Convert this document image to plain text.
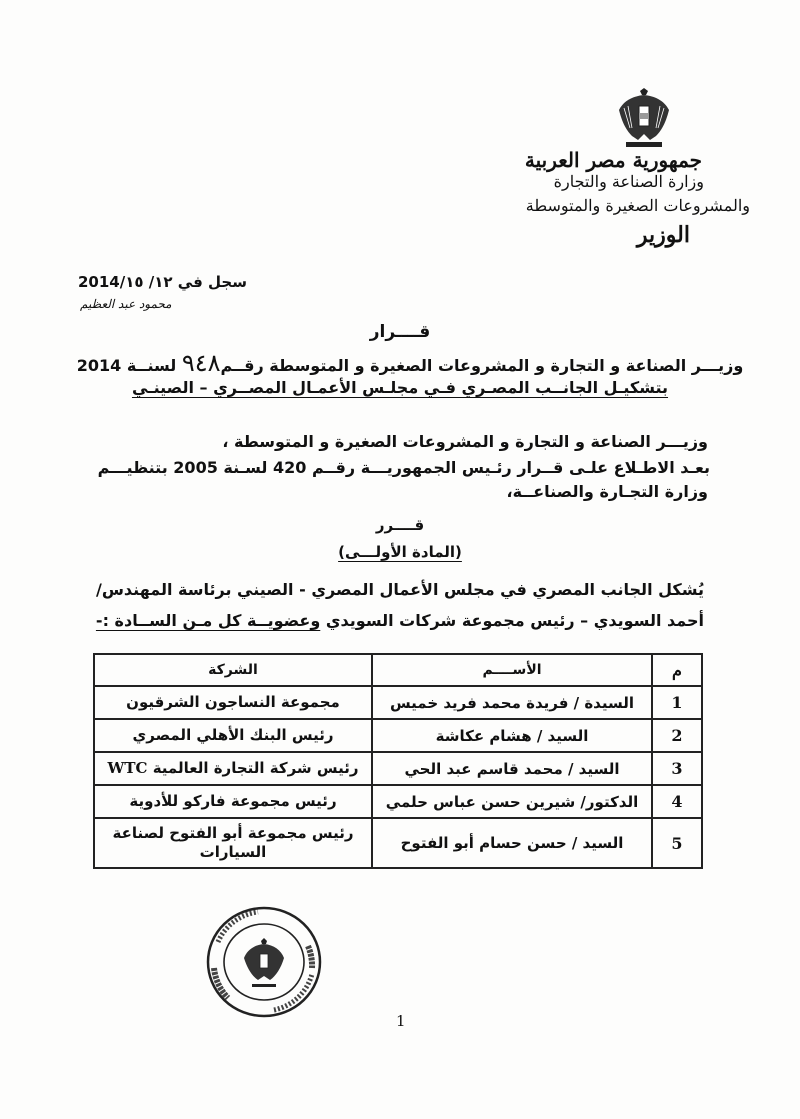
جمهورية مصر العربية
وزارة الصناعة والتجارة
والمشروعات الصغيرة والمتوسطة
الوزير
سجل في 2014/١٢/ ١٥
محمود عبد العظيم
قــــرار
وزيـــر الصناعة و التجارة و المشروعات الصغيرة و المتوسطة رقــم٩٤٨ لسنــة 2014
بتشكيـل الجانــب المصـري فـي مجلـس الأعمـال المصــري – الصينـي
وزيـــر الصناعة و التجارة و المشروعات الصغيرة و المتوسطة ،
بعـد الاطـلاع علـى قــرار رئـيس الجمهوريـــة رقــم 420 لسـنة 2005 بتنظيـــم
وزارة التجـارة والصناعــة،
قــــرر
(المادة الأولـــى)
يُشكل الجانب المصري في مجلس الأعمال المصري - الصيني برئاسة المهندس/
أحمد السويدي – رئيس مجموعة شركات السويدي وعضويــة كل مـن الســادة :-
م	الأســــم	الشركة
1	السيدة / فريدة محمد فريد خميس	مجموعة النساجون الشرقيون
2	السيد / هشام عكاشة	رئيس البنك الأهلي المصري
3	السيد / محمد قاسم عبد الحي	رئيس شركة التجارة العالمية WTC
4	الدكتور/ شيرين حسن عباس حلمي	رئيس مجموعة فاركو للأدوية
5	السيد / حسن حسام أبو الفتوح	رئيس مجموعة أبو الفتوح لصناعة السيارات
1
